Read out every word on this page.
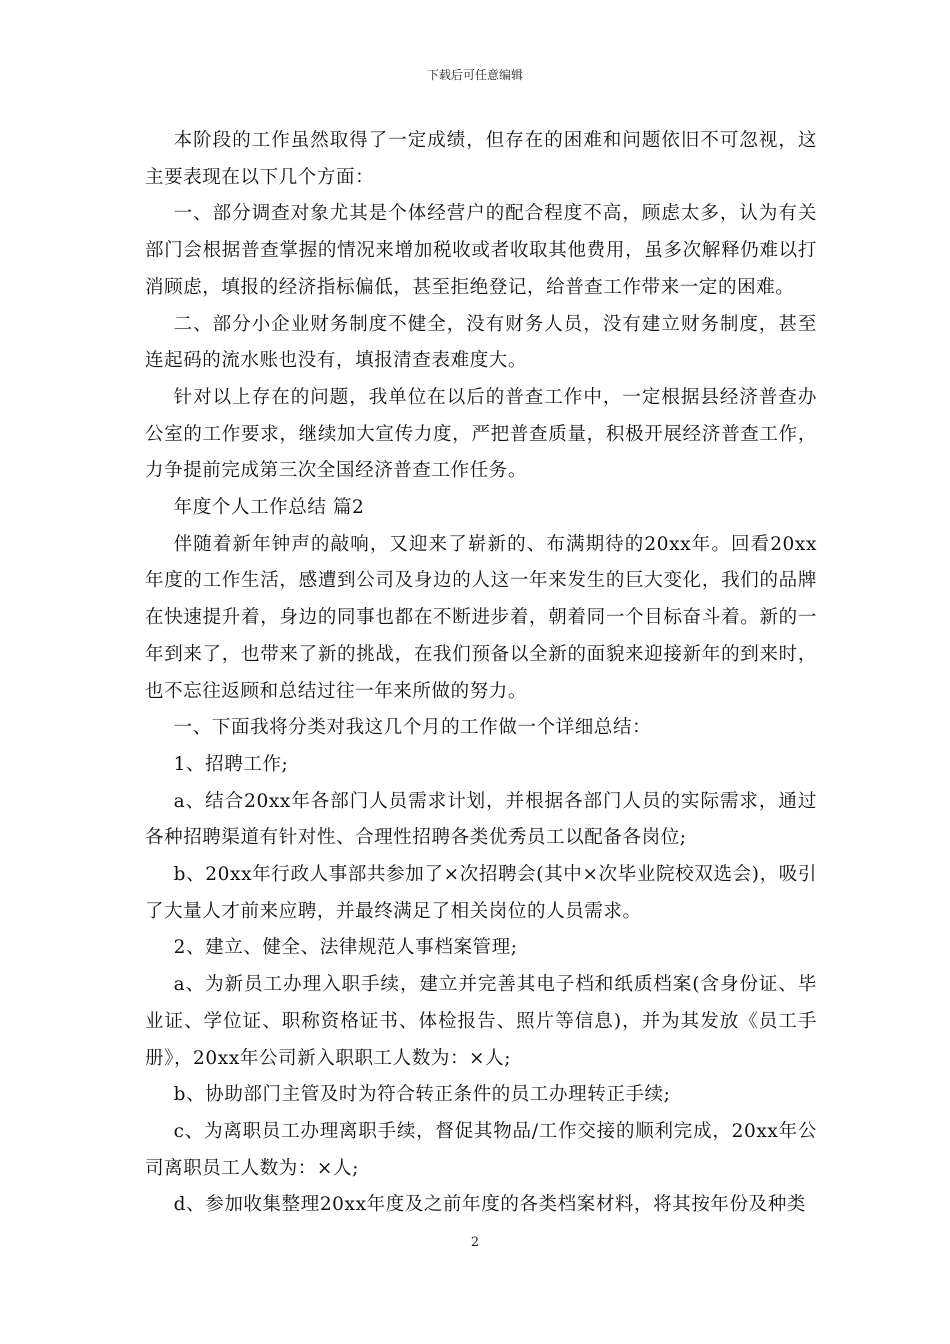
下载后可任意编辑

本阶段的工作虽然取得了一定成绩，但存在的困难和问题依旧不可忽视，这主要表现在以下几个方面：

一、部分调查对象尤其是个体经营户的配合程度不高，顾虑太多，认为有关部门会根据普查掌握的情况来增加税收或者收取其他费用，虽多次解释仍难以打消顾虑，填报的经济指标偏低，甚至拒绝登记，给普查工作带来一定的困难。

二、部分小企业财务制度不健全，没有财务人员，没有建立财务制度，甚至连起码的流水账也没有，填报清查表难度大。

针对以上存在的问题，我单位在以后的普查工作中，一定根据县经济普查办公室的工作要求，继续加大宣传力度，严把普查质量，积极开展经济普查工作，力争提前完成第三次全国经济普查工作任务。

年度个人工作总结 篇2

伴随着新年钟声的敲响，又迎来了崭新的、布满期待的20xx年。回看20xx年度的工作生活，感遭到公司及身边的人这一年来发生的巨大变化，我们的品牌在快速提升着，身边的同事也都在不断进步着，朝着同一个目标奋斗着。新的一年到来了，也带来了新的挑战，在我们预备以全新的面貌来迎接新年的到来时，也不忘往返顾和总结过往一年来所做的努力。

一、下面我将分类对我这几个月的工作做一个详细总结：

1、招聘工作;

a、结合20xx年各部门人员需求计划，并根据各部门人员的实际需求，通过各种招聘渠道有针对性、合理性招聘各类优秀员工以配备各岗位;

b、20xx年行政人事部共参加了×次招聘会(其中×次毕业院校双选会)，吸引了大量人才前来应聘，并最终满足了相关岗位的人员需求。

2、建立、健全、法律规范人事档案管理;

a、为新员工办理入职手续，建立并完善其电子档和纸质档案(含身份证、毕业证、学位证、职称资格证书、体检报告、照片等信息)，并为其发放《员工手册》，20xx年公司新入职职工人数为：×人;

b、协助部门主管及时为符合转正条件的员工办理转正手续;

c、为离职员工办理离职手续，督促其物品/工作交接的顺利完成，20xx年公司离职员工人数为：×人;

d、参加收集整理20xx年度及之前年度的各类档案材料，将其按年份及种类

2
